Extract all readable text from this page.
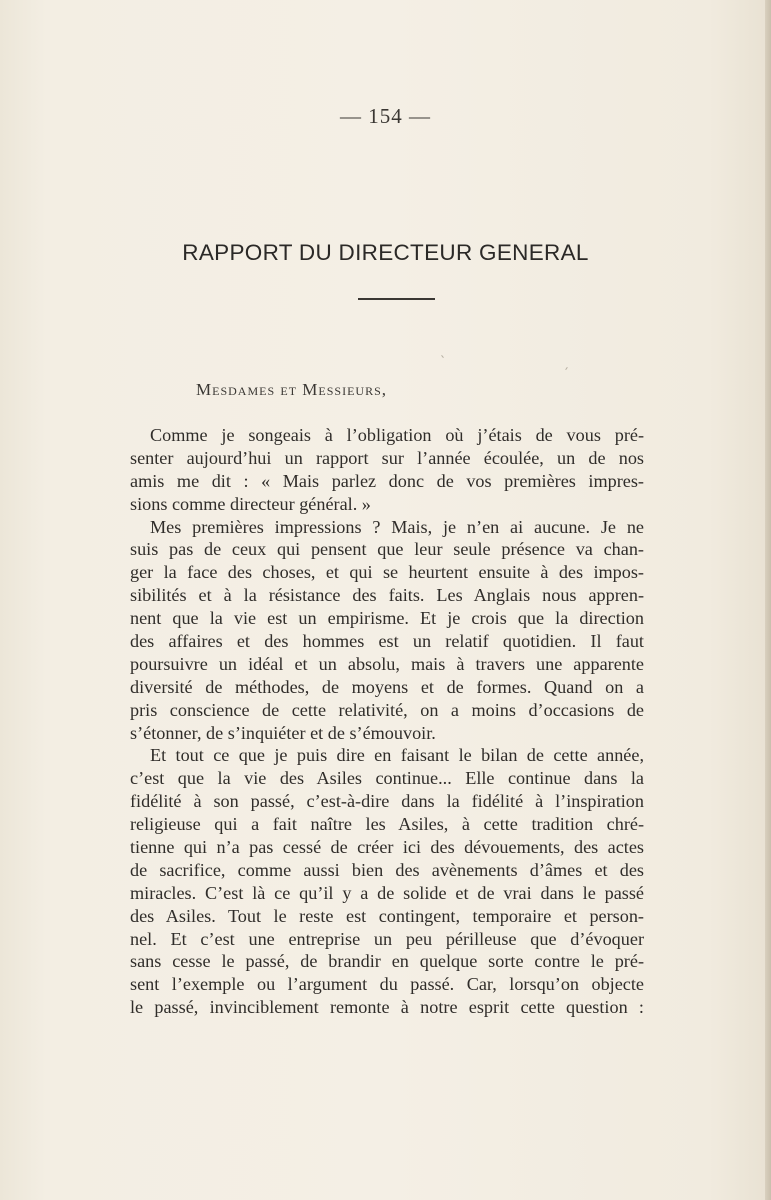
— 154 —
RAPPORT DU DIRECTEUR GENERAL
Mesdames et Messieurs,
Comme je songeais à l’obligation où j’étais de vous pré-
senter aujourd’hui un rapport sur l’année écoulée, un de nos
amis me dit : « Mais parlez donc de vos premières impres-
sions comme directeur général. »
Mes premières impressions ? Mais, je n’en ai aucune. Je ne
suis pas de ceux qui pensent que leur seule présence va chan-
ger la face des choses, et qui se heurtent ensuite à des impos-
sibilités et à la résistance des faits. Les Anglais nous appren-
nent que la vie est un empirisme. Et je crois que la direction
des affaires et des hommes est un relatif quotidien. Il faut
poursuivre un idéal et un absolu, mais à travers une apparente
diversité de méthodes, de moyens et de formes. Quand on a
pris conscience de cette relativité, on a moins d’occasions de
s’étonner, de s’inquiéter et de s’émouvoir.
Et tout ce que je puis dire en faisant le bilan de cette année,
c’est que la vie des Asiles continue... Elle continue dans la
fidélité à son passé, c’est-à-dire dans la fidélité à l’inspiration
religieuse qui a fait naître les Asiles, à cette tradition chré-
tienne qui n’a pas cessé de créer ici des dévouements, des actes
de sacrifice, comme aussi bien des avènements d’âmes et des
miracles. C’est là ce qu’il y a de solide et de vrai dans le passé
des Asiles. Tout le reste est contingent, temporaire et person-
nel. Et c’est une entreprise un peu périlleuse que d’évoquer
sans cesse le passé, de brandir en quelque sorte contre le pré-
sent l’exemple ou l’argument du passé. Car, lorsqu’on objecte
le passé, invinciblement remonte à notre esprit cette question :
